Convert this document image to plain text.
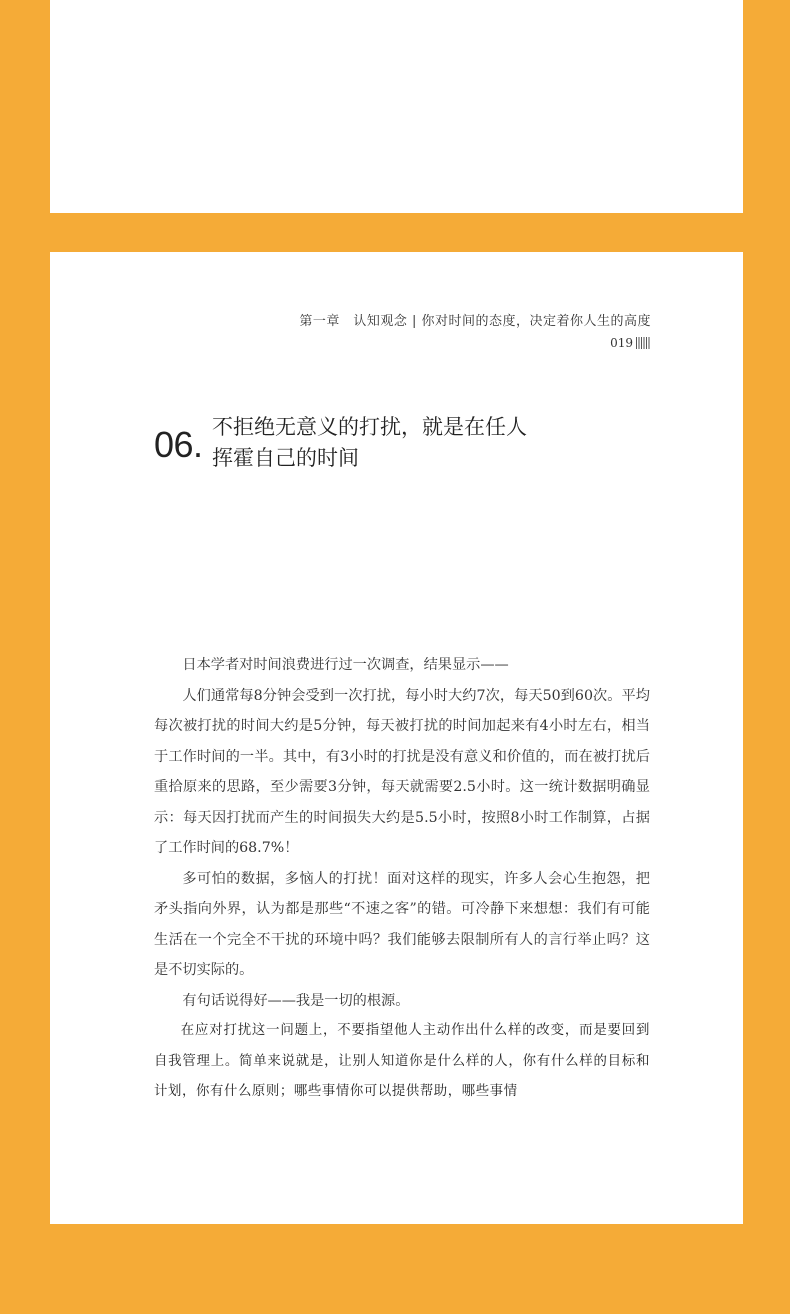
第一章　认知观念 | 你对时间的态度，决定着你人生的高度
019
06. 不拒绝无意义的打扰，就是在任人
挥霍自己的时间

日本学者对时间浪费进行过一次调查，结果显示——

人们通常每8分钟会受到一次打扰，每小时大约7次，每天50到60次。平均每次被打扰的时间大约是5分钟，每天被打扰的时间加起来有4小时左右，相当于工作时间的一半。其中，有3小时的打扰是没有意义和价值的，而在被打扰后重拾原来的思路，至少需要3分钟，每天就需要2.5小时。这一统计数据明确显示：每天因打扰而产生的时间损失大约是5.5小时，按照8小时工作制算，占据了工作时间的68.7%！

多可怕的数据，多恼人的打扰！面对这样的现实，许多人会心生抱怨，把矛头指向外界，认为都是那些“不速之客”的错。可冷静下来想想：我们有可能生活在一个完全不干扰的环境中吗？我们能够去限制所有人的言行举止吗？这是不切实际的。

有句话说得好——我是一切的根源。

在应对打扰这一问题上，不要指望他人主动作出什么样的改变，而是要回到自我管理上。简单来说就是，让别人知道你是什么样的人，你有什么样的目标和计划，你有什么原则；哪些事情你可以提供帮助，哪些事情
